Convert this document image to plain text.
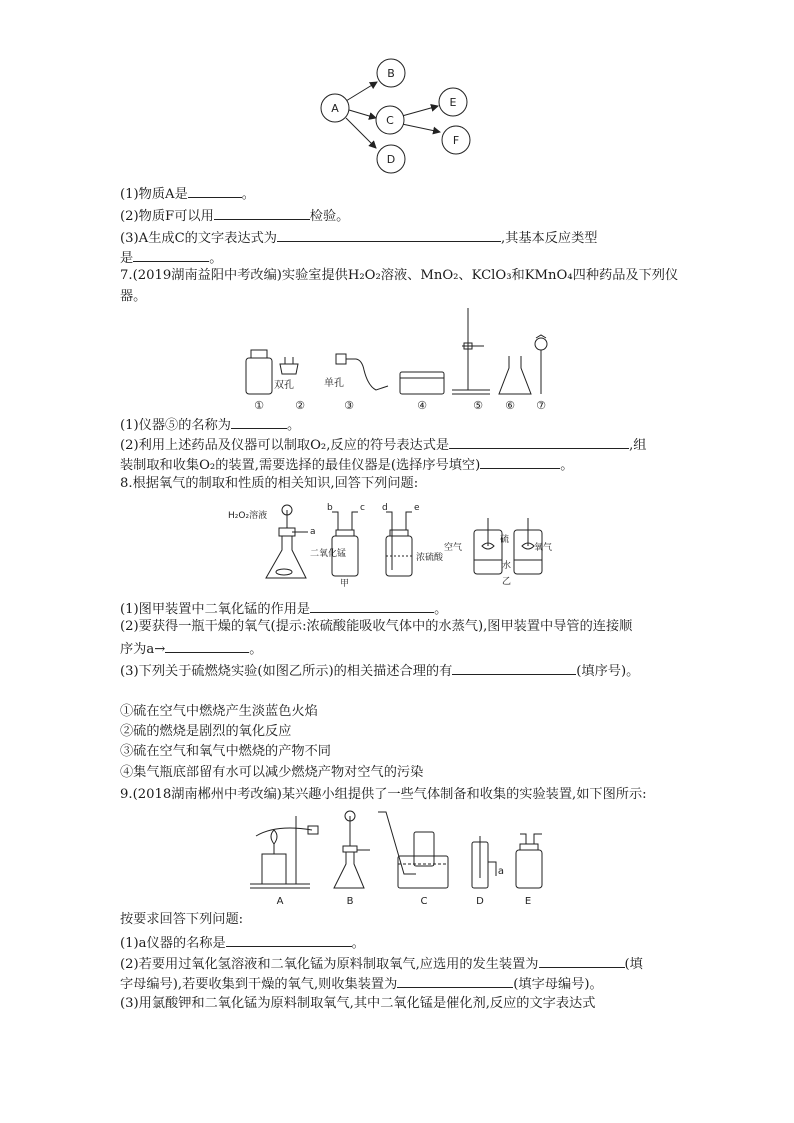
A
B
C
D
E
F
(1)物质A是	。
(2)物质F可以用	检验。
(3)A生成C的文字表达式为	,其基本反应类型
是	。
7.(2019湖南益阳中考改编)实验室提供H₂O₂溶液、MnO₂、KClO₃和KMnO₄四种药品及下列仪
器。
双孔	单孔
①	②	③	④	⑤ ⑥ ⑦
(1)仪器⑤的名称为	。
(2)利用上述药品及仪器可以制取O₂,反应的符号表达式是	,组
装制取和收集O₂的装置,需要选择的最佳仪器是(选择序号填空)	。
8.根据氧气的制取和性质的相关知识,回答下列问题:
H₂O₂溶液
a
b	c d	e
二氧化锰
甲
浓硫酸
空气
硫
氧气
水
乙
(1)图甲装置中二氧化锰的作用是	。
(2)要获得一瓶干燥的氧气(提示:浓硫酸能吸收气体中的水蒸气),图甲装置中导管的连接顺
序为a→	。
(3)下列关于硫燃烧实验(如图乙所示)的相关描述合理的有	(填序号)。
①硫在空气中燃烧产生淡蓝色火焰
②硫的燃烧是剧烈的氧化反应
③硫在空气和氧气中燃烧的产物不同
④集气瓶底部留有水可以减少燃烧产物对空气的污染
9.(2018湖南郴州中考改编)某兴趣小组提供了一些气体制备和收集的实验装置,如下图所示:
A	B	C	D	E
a
按要求回答下列问题:
(1)a仪器的名称是	。
(2)若要用过氧化氢溶液和二氧化锰为原料制取氧气,应选用的发生装置为	(填
字母编号),若要收集到干燥的氧气,则收集装置为	(填字母编号)。
(3)用氯酸钾和二氧化锰为原料制取氧气,其中二氧化锰是催化剂,反应的文字表达式
